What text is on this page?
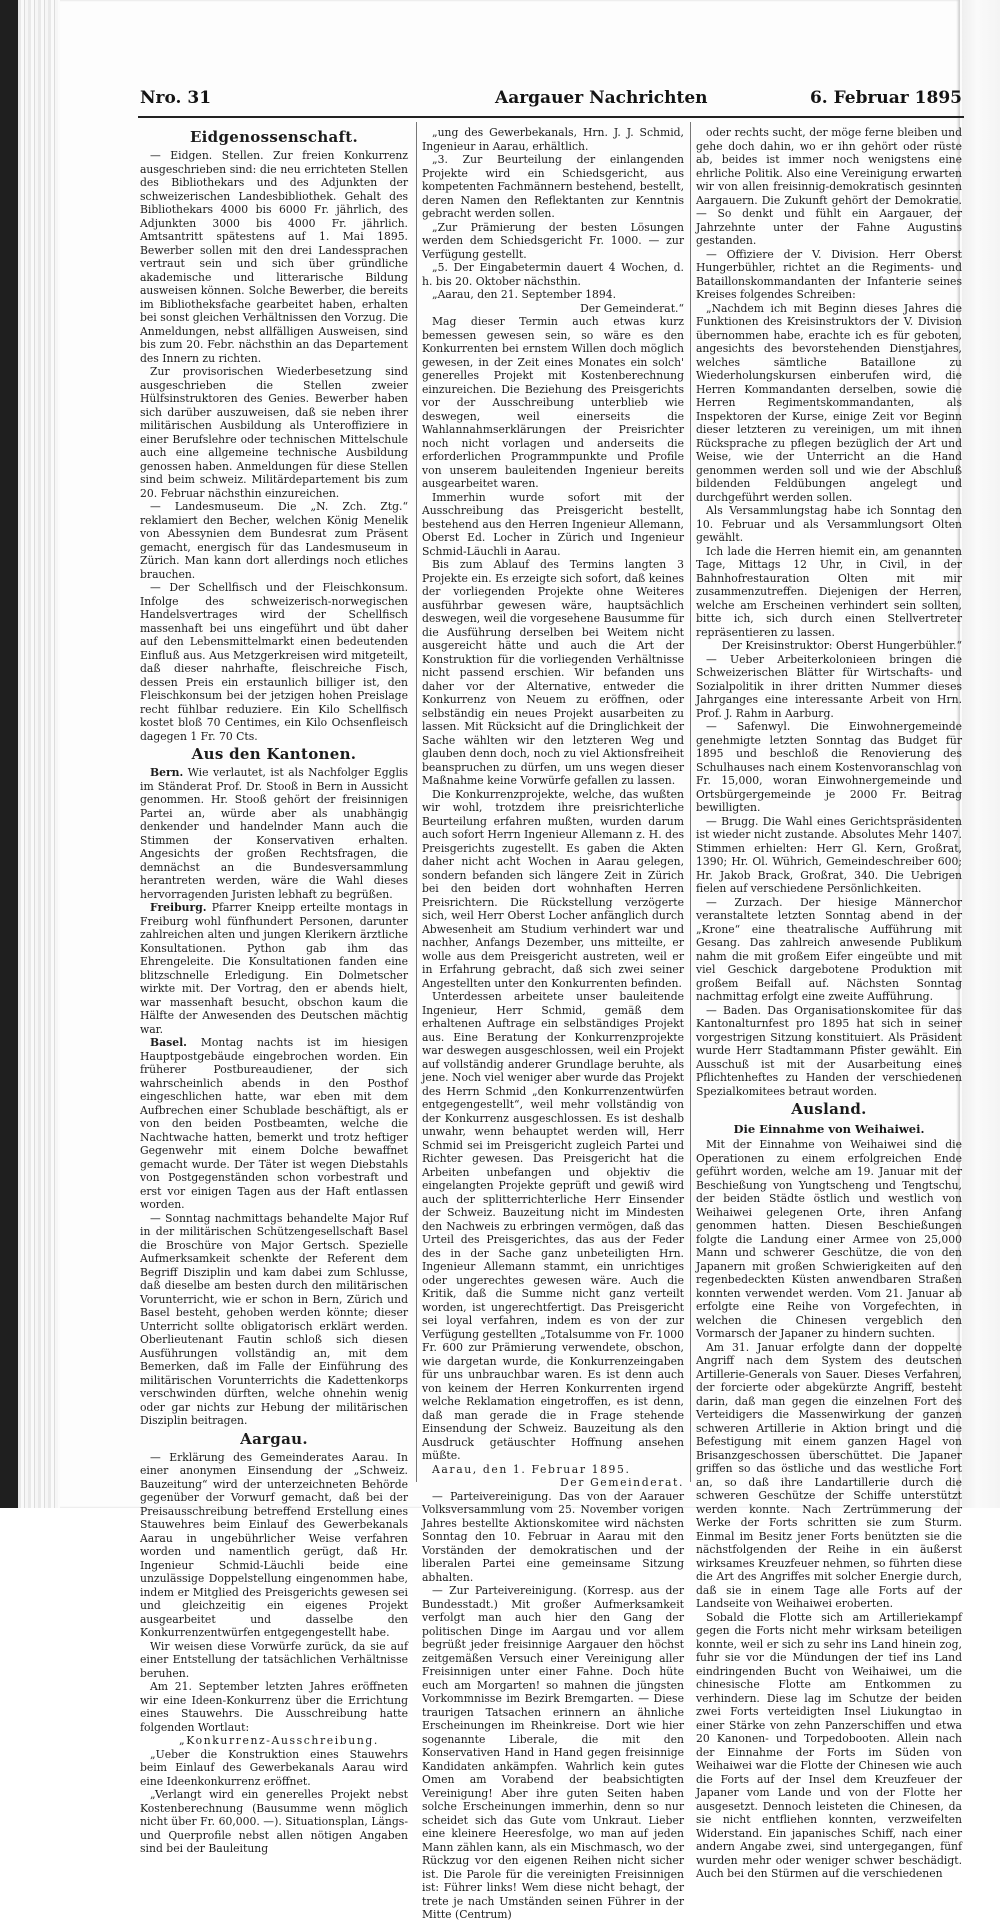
Nro. 31	Aargauer Nachrichten	6. Februar 1895
Eidgenossenschaft.

— Eidgen. Stellen. Zur freien Konkurrenz ausgeschrieben sind: die neu errichteten Stellen des Bibliothekars und des Adjunkten der schweizerischen Landesbibliothek. Gehalt des Bibliothekars 4000 bis 6000 Fr. jährlich, des Adjunkten 3000 bis 4000 Fr. jährlich. Amtsantritt spätestens auf 1. Mai 1895. Bewerber sollen mit den drei Landessprachen vertraut sein und sich über gründliche akademische und litterarische Bildung ausweisen können. Solche Bewerber, die bereits im Bibliotheksfache gearbeitet haben, erhalten bei sonst gleichen Verhältnissen den Vorzug. Die Anmeldungen, nebst allfälligen Ausweisen, sind bis zum 20. Febr. nächsthin an das Departement des Innern zu richten.

Zur provisorischen Wiederbesetzung sind ausgeschrieben die Stellen zweier Hülfsinstruktoren des Genies. Bewerber haben sich darüber auszuweisen, daß sie neben ihrer militärischen Ausbildung als Unteroffiziere in einer Berufslehre oder technischen Mittelschule auch eine allgemeine technische Ausbildung genossen haben. Anmeldungen für diese Stellen sind beim schweiz. Militärdepartement bis zum 20. Februar nächsthin einzureichen.

— Landesmuseum. Die „N. Zch. Ztg.“ reklamiert den Becher, welchen König Menelik von Abessynien dem Bundesrat zum Präsent gemacht, energisch für das Landesmuseum in Zürich. Man kann dort allerdings noch etliches brauchen.

— Der Schellfisch und der Fleischkonsum. Infolge des schweizerisch-norwegischen Handelsvertrages wird der Schellfisch massenhaft bei uns eingeführt und übt daher auf den Lebensmittelmarkt einen bedeutenden Einfluß aus. Aus Metzgerkreisen wird mitgeteilt, daß dieser nahrhafte, fleischreiche Fisch, dessen Preis ein erstaunlich billiger ist, den Fleischkonsum bei der jetzigen hohen Preislage recht fühlbar reduziere. Ein Kilo Schellfisch kostet bloß 70 Centimes, ein Kilo Ochsenfleisch dagegen 1 Fr. 70 Cts.

Aus den Kantonen.

Bern. Wie verlautet, ist als Nachfolger Egglis im Ständerat Prof. Dr. Stooß in Bern in Aussicht genommen. Hr. Stooß gehört der freisinnigen Partei an, würde aber als unabhängig denkender und handelnder Mann auch die Stimmen der Konservativen erhalten. Angesichts der großen Rechtsfragen, die demnächst an die Bundesversammlung herantreten werden, wäre die Wahl dieses hervorragenden Juristen lebhaft zu begrüßen.

Freiburg. Pfarrer Kneipp erteilte montags in Freiburg wohl fünfhundert Personen, darunter zahlreichen alten und jungen Klerikern ärztliche Konsultationen. Python gab ihm das Ehrengeleite. Die Konsultationen fanden eine blitzschnelle Erledigung. Ein Dolmetscher wirkte mit. Der Vortrag, den er abends hielt, war massenhaft besucht, obschon kaum die Hälfte der Anwesenden des Deutschen mächtig war.

Basel. Montag nachts ist im hiesigen Hauptpostgebäude eingebrochen worden. Ein früherer Postbureaudiener, der sich wahrscheinlich abends in den Posthof eingeschlichen hatte, war eben mit dem Aufbrechen einer Schublade beschäftigt, als er von den beiden Postbeamten, welche die Nachtwache hatten, bemerkt und trotz heftiger Gegenwehr mit einem Dolche bewaffnet gemacht wurde. Der Täter ist wegen Diebstahls von Postgegenständen schon vorbestraft und erst vor einigen Tagen aus der Haft entlassen worden.

— Sonntag nachmittags behandelte Major Ruf in der militärischen Schützengesellschaft Basel die Broschüre von Major Gertsch. Spezielle Aufmerksamkeit schenkte der Referent dem Begriff Disziplin und kam dabei zum Schlusse, daß dieselbe am besten durch den militärischen Vorunterricht, wie er schon in Bern, Zürich und Basel besteht, gehoben werden könnte; dieser Unterricht sollte obligatorisch erklärt werden. Oberlieutenant Fautin schloß sich diesen Ausführungen vollständig an, mit dem Bemerken, daß im Falle der Einführung des militärischen Vorunterrichts die Kadettenkorps verschwinden dürften, welche ohnehin wenig oder gar nichts zur Hebung der militärischen Disziplin beitragen.

Aargau.

— Erklärung des Gemeinderates Aarau. In einer anonymen Einsendung der „Schweiz. Bauzeitung“ wird der unterzeichneten Behörde gegenüber der Vorwurf gemacht, daß bei der Preisausschreibung betreffend Erstellung eines Stauwehres beim Einlauf des Gewerbekanals Aarau in ungebührlicher Weise verfahren worden und namentlich gerügt, daß Hr. Ingenieur Schmid-Läuchli beide eine unzulässige Doppelstellung eingenommen habe, indem er Mitglied des Preisgerichts gewesen sei und gleichzeitig ein eigenes Projekt ausgearbeitet und dasselbe den Konkurrenzentwürfen entgegengestellt habe.

Wir weisen diese Vorwürfe zurück, da sie auf einer Entstellung der tatsächlichen Verhältnisse beruhen.

Am 21. September letzten Jahres eröffneten wir eine Ideen-Konkurrenz über die Errichtung eines Stauwehrs. Die Ausschreibung hatte folgenden Wortlaut:

„Konkurrenz-Ausschreibung.

„Ueber die Konstruktion eines Stauwehrs beim Einlauf des Gewerbekanals Aarau wird eine Ideenkonkurrenz eröffnet.

„Verlangt wird ein generelles Projekt nebst Kostenberechnung (Bausumme wenn möglich nicht über Fr. 60,000. —). Situationsplan, Längs- und Querprofile nebst allen nötigen Angaben sind bei der Bauleitung

„ung des Gewerbekanals, Hrn. J. J. Schmid, Ingenieur in Aarau, erhältlich.

„3. Zur Beurteilung der einlangenden Projekte wird ein Schiedsgericht, aus kompetenten Fachmännern bestehend, bestellt, deren Namen den Reflektanten zur Kenntnis gebracht werden sollen.

„Zur Prämierung der besten Lösungen werden dem Schiedsgericht Fr. 1000. — zur Verfügung gestellt.

„5. Der Eingabetermin dauert 4 Wochen, d. h. bis 20. Oktober nächsthin.

„Aarau, den 21. September 1894.

Der Gemeinderat.“

Mag dieser Termin auch etwas kurz bemessen gewesen sein, so wäre es den Konkurrenten bei ernstem Willen doch möglich gewesen, in der Zeit eines Monates ein solch' generelles Projekt mit Kostenberechnung einzureichen. Die Beziehung des Preisgerichts vor der Ausschreibung unterblieb wie deswegen, weil einerseits die Wahlannahmserklärungen der Preisrichter noch nicht vorlagen und anderseits die erforderlichen Programmpunkte und Profile von unserem bauleitenden Ingenieur bereits ausgearbeitet waren.

Immerhin wurde sofort mit der Ausschreibung das Preisgericht bestellt, bestehend aus den Herren Ingenieur Allemann, Oberst Ed. Locher in Zürich und Ingenieur Schmid-Läuchli in Aarau.

Bis zum Ablauf des Termins langten 3 Projekte ein. Es erzeigte sich sofort, daß keines der vorliegenden Projekte ohne Weiteres ausführbar gewesen wäre, hauptsächlich deswegen, weil die vorgesehene Bausumme für die Ausführung derselben bei Weitem nicht ausgereicht hätte und auch die Art der Konstruktion für die vorliegenden Verhältnisse nicht passend erschien. Wir befanden uns daher vor der Alternative, entweder die Konkurrenz von Neuem zu eröffnen, oder selbständig ein neues Projekt ausarbeiten zu lassen. Mit Rücksicht auf die Dringlichkeit der Sache wählten wir den letzteren Weg und glauben denn doch, noch zu viel Aktionsfreiheit beanspruchen zu dürfen, um uns wegen dieser Maßnahme keine Vorwürfe gefallen zu lassen.

Die Konkurrenzprojekte, welche, das wußten wir wohl, trotzdem ihre preisrichterliche Beurteilung erfahren mußten, wurden darum auch sofort Herrn Ingenieur Allemann z. H. des Preisgerichts zugestellt. Es gaben die Akten daher nicht acht Wochen in Aarau gelegen, sondern befanden sich längere Zeit in Zürich bei den beiden dort wohnhaften Herren Preisrichtern. Die Rückstellung verzögerte sich, weil Herr Oberst Locher anfänglich durch Abwesenheit am Studium verhindert war und nachher, Anfangs Dezember, uns mitteilte, er wolle aus dem Preisgericht austreten, weil er in Erfahrung gebracht, daß sich zwei seiner Angestellten unter den Konkurrenten befinden.

Unterdessen arbeitete unser bauleitende Ingenieur, Herr Schmid, gemäß dem erhaltenen Auftrage ein selbständiges Projekt aus. Eine Beratung der Konkurrenzprojekte war deswegen ausgeschlossen, weil ein Projekt auf vollständig anderer Grundlage beruhte, als jene. Noch viel weniger aber wurde das Projekt des Herrn Schmid „den Konkurrenzentwürfen entgegengestellt“, weil mehr vollständig von der Konkurrenz ausgeschlossen. Es ist deshalb unwahr, wenn behauptet werden will, Herr Schmid sei im Preisgericht zugleich Partei und Richter gewesen. Das Preisgericht hat die Arbeiten unbefangen und objektiv die eingelangten Projekte geprüft und gewiß wird auch der splitterrichterliche Herr Einsender der Schweiz. Bauzeitung nicht im Mindesten den Nachweis zu erbringen vermögen, daß das Urteil des Preisgerichtes, das aus der Feder des in der Sache ganz unbeteiligten Hrn. Ingenieur Allemann stammt, ein unrichtiges oder ungerechtes gewesen wäre. Auch die Kritik, daß die Summe nicht ganz verteilt worden, ist ungerechtfertigt. Das Preisgericht sei loyal verfahren, indem es von der zur Verfügung gestellten „Totalsumme von Fr. 1000 Fr. 600 zur Prämierung verwendete, obschon, wie dargetan wurde, die Konkurrenzeingaben für uns unbrauchbar waren. Es ist denn auch von keinem der Herren Konkurrenten irgend welche Reklamation eingetroffen, es ist denn, daß man gerade die in Frage stehende Einsendung der Schweiz. Bauzeitung als den Ausdruck getäuschter Hoffnung ansehen müßte.

Aarau, den 1. Februar 1895.

Der Gemeinderat.

— Parteivereinigung. Das von der Aarauer Volksversammlung vom 25. November vorigen Jahres bestellte Aktionskomitee wird nächsten Sonntag den 10. Februar in Aarau mit den Vorständen der demokratischen und der liberalen Partei eine gemeinsame Sitzung abhalten.

— Zur Parteivereinigung. (Korresp. aus der Bundesstadt.) Mit großer Aufmerksamkeit verfolgt man auch hier den Gang der politischen Dinge im Aargau und vor allem begrüßt jeder freisinnige Aargauer den höchst zeitgemäßen Versuch einer Vereinigung aller Freisinnigen unter einer Fahne. Doch hüte euch am Morgarten! so mahnen die jüngsten Vorkommnisse im Bezirk Bremgarten. — Diese traurigen Tatsachen erinnern an ähnliche Erscheinungen im Rheinkreise. Dort wie hier sogenannte Liberale, die mit den Konservativen Hand in Hand gegen freisinnige Kandidaten ankämpfen. Wahrlich kein gutes Omen am Vorabend der beabsichtigten Vereinigung! Aber ihre guten Seiten haben solche Erscheinungen immerhin, denn so nur scheidet sich das Gute vom Unkraut. Lieber eine kleinere Heeresfolge, wo man auf jeden Mann zählen kann, als ein Mischmasch, wo der Rückzug vor den eigenen Reihen nicht sicher ist. Die Parole für die vereinigten Freisinnigen ist: Führer links! Wem diese nicht behagt, der trete je nach Umständen seinen Führer in der Mitte (Centrum)

oder rechts sucht, der möge ferne bleiben und gehe doch dahin, wo er ihn gehört oder rüste ab, beides ist immer noch wenigstens eine ehrliche Politik. Also eine Vereinigung erwarten wir von allen freisinnig-demokratisch gesinnten Aargauern. Die Zukunft gehört der Demokratie. — So denkt und fühlt ein Aargauer, der Jahrzehnte unter der Fahne Augustins gestanden.

— Offiziere der V. Division. Herr Oberst Hungerbühler, richtet an die Regiments- und Bataillonskommandanten der Infanterie seines Kreises folgendes Schreiben:

„Nachdem ich mit Beginn dieses Jahres die Funktionen des Kreisinstruktors der V. Division übernommen habe, erachte ich es für geboten, angesichts des bevorstehenden Dienstjahres, welches sämtliche Bataillone zu Wiederholungskursen einberufen wird, die Herren Kommandanten derselben, sowie die Herren Regimentskommandanten, als Inspektoren der Kurse, einige Zeit vor Beginn dieser letzteren zu vereinigen, um mit ihnen Rücksprache zu pflegen bezüglich der Art und Weise, wie der Unterricht an die Hand genommen werden soll und wie der Abschluß bildenden Feldübungen angelegt und durchgeführt werden sollen.

Als Versammlungstag habe ich Sonntag den 10. Februar und als Versammlungsort Olten gewählt.

Ich lade die Herren hiemit ein, am genannten Tage, Mittags 12 Uhr, in Civil, in der Bahnhofrestauration Olten mit mir zusammenzutreffen. Diejenigen der Herren, welche am Erscheinen verhindert sein sollten, bitte ich, sich durch einen Stellvertreter repräsentieren zu lassen.

Der Kreisinstruktor: Oberst Hungerbühler.“

— Ueber Arbeiterkolonieen bringen die Schweizerischen Blätter für Wirtschafts- und Sozialpolitik in ihrer dritten Nummer dieses Jahrganges eine interessante Arbeit von Hrn. Prof. J. Rahm in Aarburg.

— Safenwyl. Die Einwohnergemeinde genehmigte letzten Sonntag das Budget für 1895 und beschloß die Renovierung des Schulhauses nach einem Kostenvoranschlag von Fr. 15,000, woran Einwohnergemeinde und Ortsbürgergemeinde je 2000 Fr. Beitrag bewilligten.

— Brugg. Die Wahl eines Gerichtspräsidenten ist wieder nicht zustande. Absolutes Mehr 1407. Stimmen erhielten: Herr Gl. Kern, Großrat, 1390; Hr. Ol. Wührich, Gemeindeschreiber 600; Hr. Jakob Brack, Großrat, 340. Die Uebrigen fielen auf verschiedene Persönlichkeiten.

— Zurzach. Der hiesige Männerchor veranstaltete letzten Sonntag abend in der „Krone“ eine theatralische Aufführung mit Gesang. Das zahlreich anwesende Publikum nahm die mit großem Eifer eingeübte und mit viel Geschick dargebotene Produktion mit großem Beifall auf. Nächsten Sonntag nachmittag erfolgt eine zweite Aufführung.

— Baden. Das Organisationskomitee für das Kantonalturnfest pro 1895 hat sich in seiner vorgestrigen Sitzung konstituiert. Als Präsident wurde Herr Stadtammann Pfister gewählt. Ein Ausschuß ist mit der Ausarbeitung eines Pflichtenheftes zu Handen der verschiedenen Spezialkomitees betraut worden.

Ausland.
Die Einnahme von Weihaiwei.

Mit der Einnahme von Weihaiwei sind die Operationen zu einem erfolgreichen Ende geführt worden, welche am 19. Januar mit der Beschießung von Yungtscheng und Tengtschu, der beiden Städte östlich und westlich von Weihaiwei gelegenen Orte, ihren Anfang genommen hatten. Diesen Beschießungen folgte die Landung einer Armee von 25,000 Mann und schwerer Geschütze, die von den Japanern mit großen Schwierigkeiten auf den regenbedeckten Küsten anwendbaren Straßen konnten verwendet werden. Vom 21. Januar ab erfolgte eine Reihe von Vorgefechten, in welchen die Chinesen vergeblich den Vormarsch der Japaner zu hindern suchten.

Am 31. Januar erfolgte dann der doppelte Angriff nach dem System des deutschen Artillerie-Generals von Sauer. Dieses Verfahren, der forcierte oder abgekürzte Angriff, besteht darin, daß man gegen die einzelnen Fort des Verteidigers die Massenwirkung der ganzen schweren Artillerie in Aktion bringt und die Befestigung mit einem ganzen Hagel von Brisanzgeschossen überschüttet. Die Japaner griffen so das östliche und das westliche Fort an, so daß ihre Landartillerie durch die schweren Geschütze der Schiffe unterstützt werden konnte. Nach Zertrümmerung der Werke der Forts schritten sie zum Sturm. Einmal im Besitz jener Forts benützten sie die nächstfolgenden der Reihe in ein äußerst wirksames Kreuzfeuer nehmen, so führten diese die Art des Angriffes mit solcher Energie durch, daß sie in einem Tage alle Forts auf der Landseite von Weihaiwei eroberten.

Sobald die Flotte sich am Artilleriekampf gegen die Forts nicht mehr wirksam beteiligen konnte, weil er sich zu sehr ins Land hinein zog, fuhr sie vor die Mündungen der tief ins Land eindringenden Bucht von Weihaiwei, um die chinesische Flotte am Entkommen zu verhindern. Diese lag im Schutze der beiden zwei Forts verteidigten Insel Liukungtao in einer Stärke von zehn Panzerschiffen und etwa 20 Kanonen- und Torpedobooten. Allein nach der Einnahme der Forts im Süden von Weihaiwei war die Flotte der Chinesen wie auch die Forts auf der Insel dem Kreuzfeuer der Japaner vom Lande und von der Flotte her ausgesetzt. Dennoch leisteten die Chinesen, da sie nicht entfliehen konnten, verzweifelten Widerstand. Ein japanisches Schiff, nach einer andern Angabe zwei, sind untergegangen, fünf wurden mehr oder weniger schwer beschädigt. Auch bei den Stürmen auf die verschiedenen
